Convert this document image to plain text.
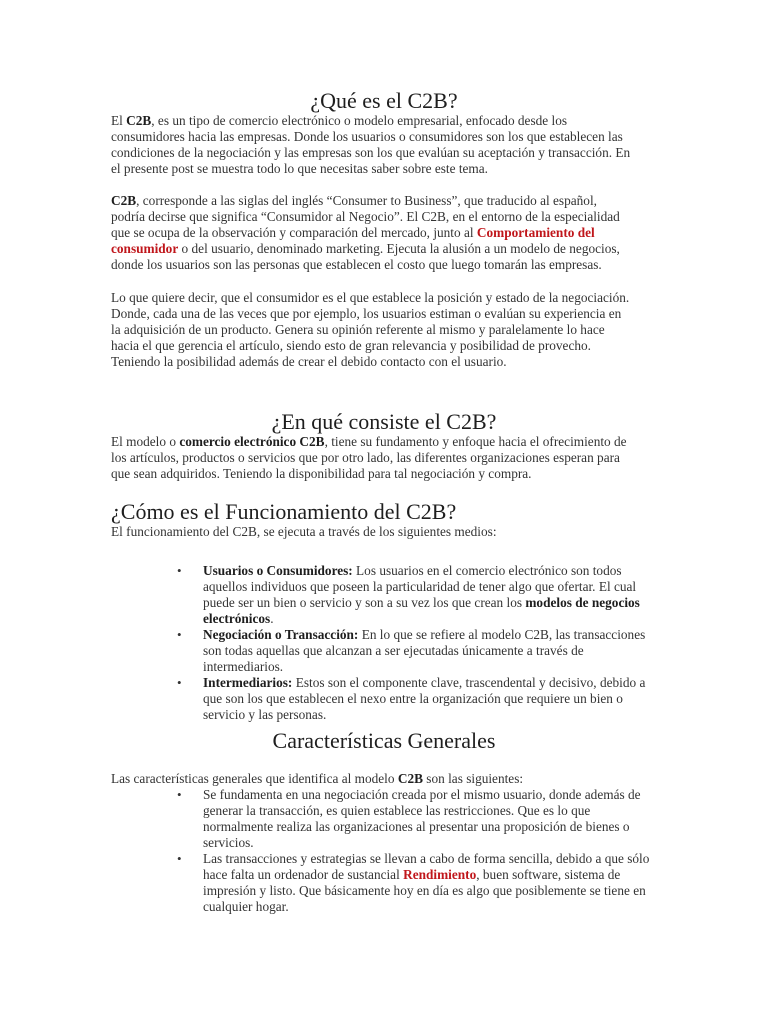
¿Qué es el C2B?

El C2B, es un tipo de comercio electrónico o modelo empresarial, enfocado desde los consumidores hacia las empresas. Donde los usuarios o consumidores son los que establecen las condiciones de la negociación y las empresas son los que evalúan su aceptación y transacción. En el presente post se muestra todo lo que necesitas saber sobre este tema.

C2B, corresponde a las siglas del inglés “Consumer to Business”, que traducido al español, podría decirse que significa “Consumidor al Negocio”. El C2B, en el entorno de la especialidad que se ocupa de la observación y comparación del mercado, junto al Comportamiento del consumidor o del usuario, denominado marketing. Ejecuta la alusión a un modelo de negocios, donde los usuarios son las personas que establecen el costo que luego tomarán las empresas.

Lo que quiere decir, que el consumidor es el que establece la posición y estado de la negociación. Donde, cada una de las veces que por ejemplo, los usuarios estiman o evalúan su experiencia en la adquisición de un producto. Genera su opinión referente al mismo y paralelamente lo hace hacia el que gerencia el artículo, siendo esto de gran relevancia y posibilidad de provecho. Teniendo la posibilidad además de crear el debido contacto con el usuario.

¿En qué consiste el C2B?

El modelo o comercio electrónico C2B, tiene su fundamento y enfoque hacia el ofrecimiento de los artículos, productos o servicios que por otro lado, las diferentes organizaciones esperan para que sean adquiridos. Teniendo la disponibilidad para tal negociación y compra.

¿Cómo es el Funcionamiento del C2B?

El funcionamiento del C2B, se ejecuta a través de los siguientes medios:

• Usuarios o Consumidores: Los usuarios en el comercio electrónico son todos aquellos individuos que poseen la particularidad de tener algo que ofertar. El cual puede ser un bien o servicio y son a su vez los que crean los modelos de negocios electrónicos.
• Negociación o Transacción: En lo que se refiere al modelo C2B, las transacciones son todas aquellas que alcanzan a ser ejecutadas únicamente a través de intermediarios.
• Intermediarios: Estos son el componente clave, trascendental y decisivo, debido a que son los que establecen el nexo entre la organización que requiere un bien o servicio y las personas.
Características Generales

Las características generales que identifica al modelo C2B son las siguientes:

• Se fundamenta en una negociación creada por el mismo usuario, donde además de generar la transacción, es quien establece las restricciones. Que es lo que normalmente realiza las organizaciones al presentar una proposición de bienes o servicios.
• Las transacciones y estrategias se llevan a cabo de forma sencilla, debido a que sólo hace falta un ordenador de sustancial Rendimiento, buen software, sistema de impresión y listo. Que básicamente hoy en día es algo que posiblemente se tiene en cualquier hogar.
